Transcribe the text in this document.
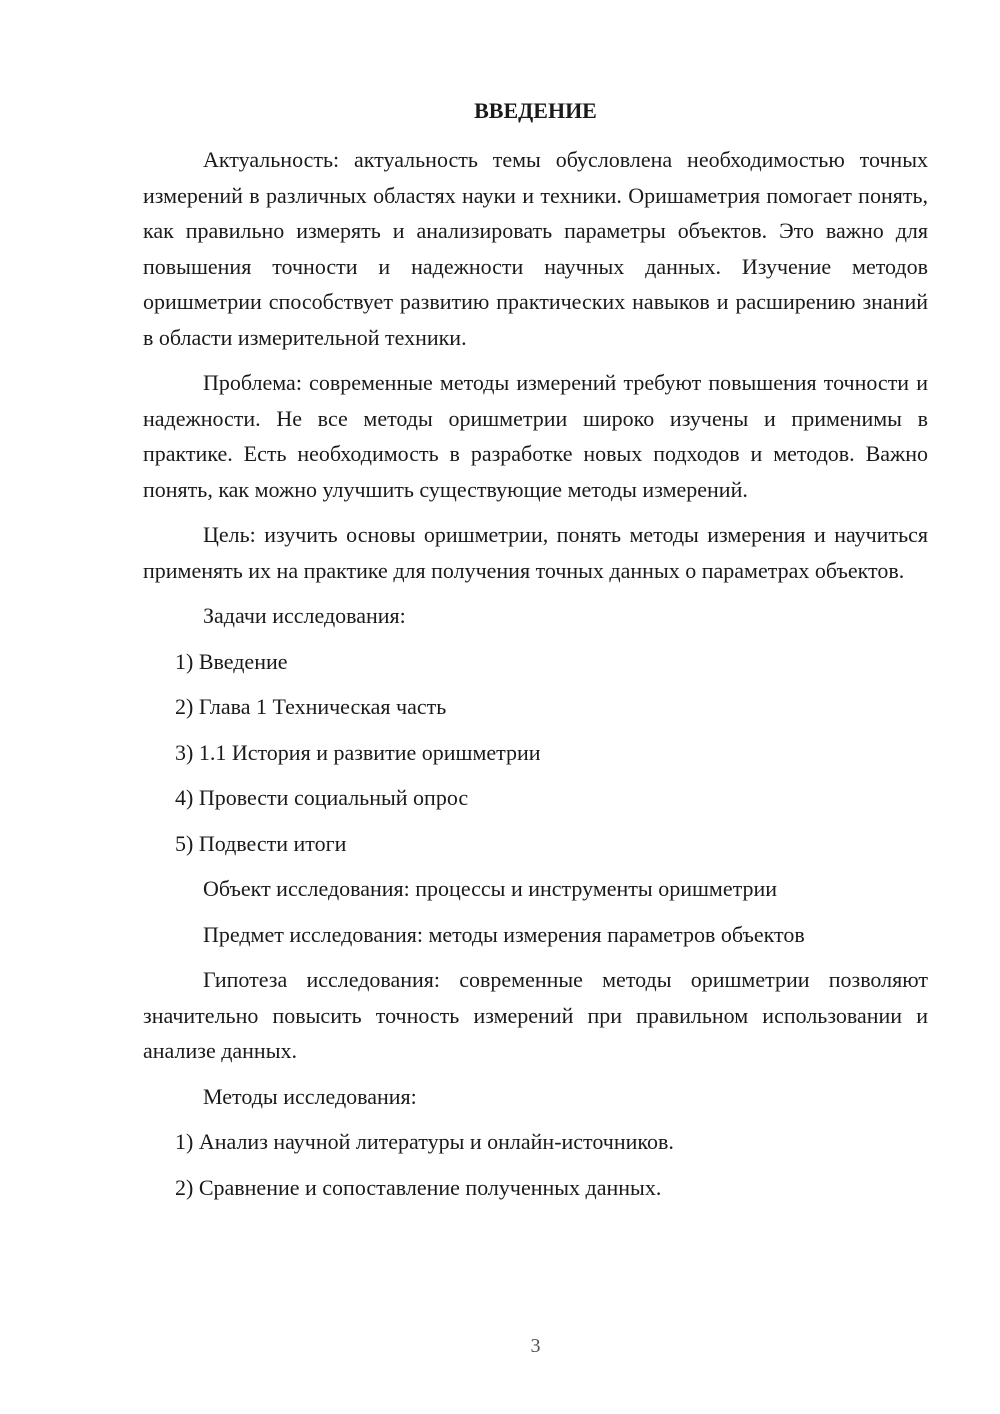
ВВЕДЕНИЕ

Актуальность: актуальность темы обусловлена необходимостью точных измерений в различных областях науки и техники. Оришаметрия помогает понять, как правильно измерять и анализировать параметры объектов. Это важно для повышения точности и надежности научных данных. Изучение методов оришметрии способствует развитию практических навыков и расширению знаний в области измерительной техники.

Проблема: современные методы измерений требуют повышения точности и надежности. Не все методы оришметрии широко изучены и применимы в практике. Есть необходимость в разработке новых подходов и методов. Важно понять, как можно улучшить существующие методы измерений.

Цель: изучить основы оришметрии, понять методы измерения и научиться применять их на практике для получения точных данных о параметрах объектов.

Задачи исследования:

1) Введение

2) Глава 1 Техническая часть

3) 1.1 История и развитие оришметрии

4) Провести социальный опрос

5) Подвести итоги

Объект исследования: процессы и инструменты оришметрии

Предмет исследования: методы измерения параметров объектов

Гипотеза исследования: современные методы оришметрии позволяют значительно повысить точность измерений при правильном использовании и анализе данных.

Методы исследования:

1) Анализ научной литературы и онлайн-источников.

2) Сравнение и сопоставление полученных данных.

3
